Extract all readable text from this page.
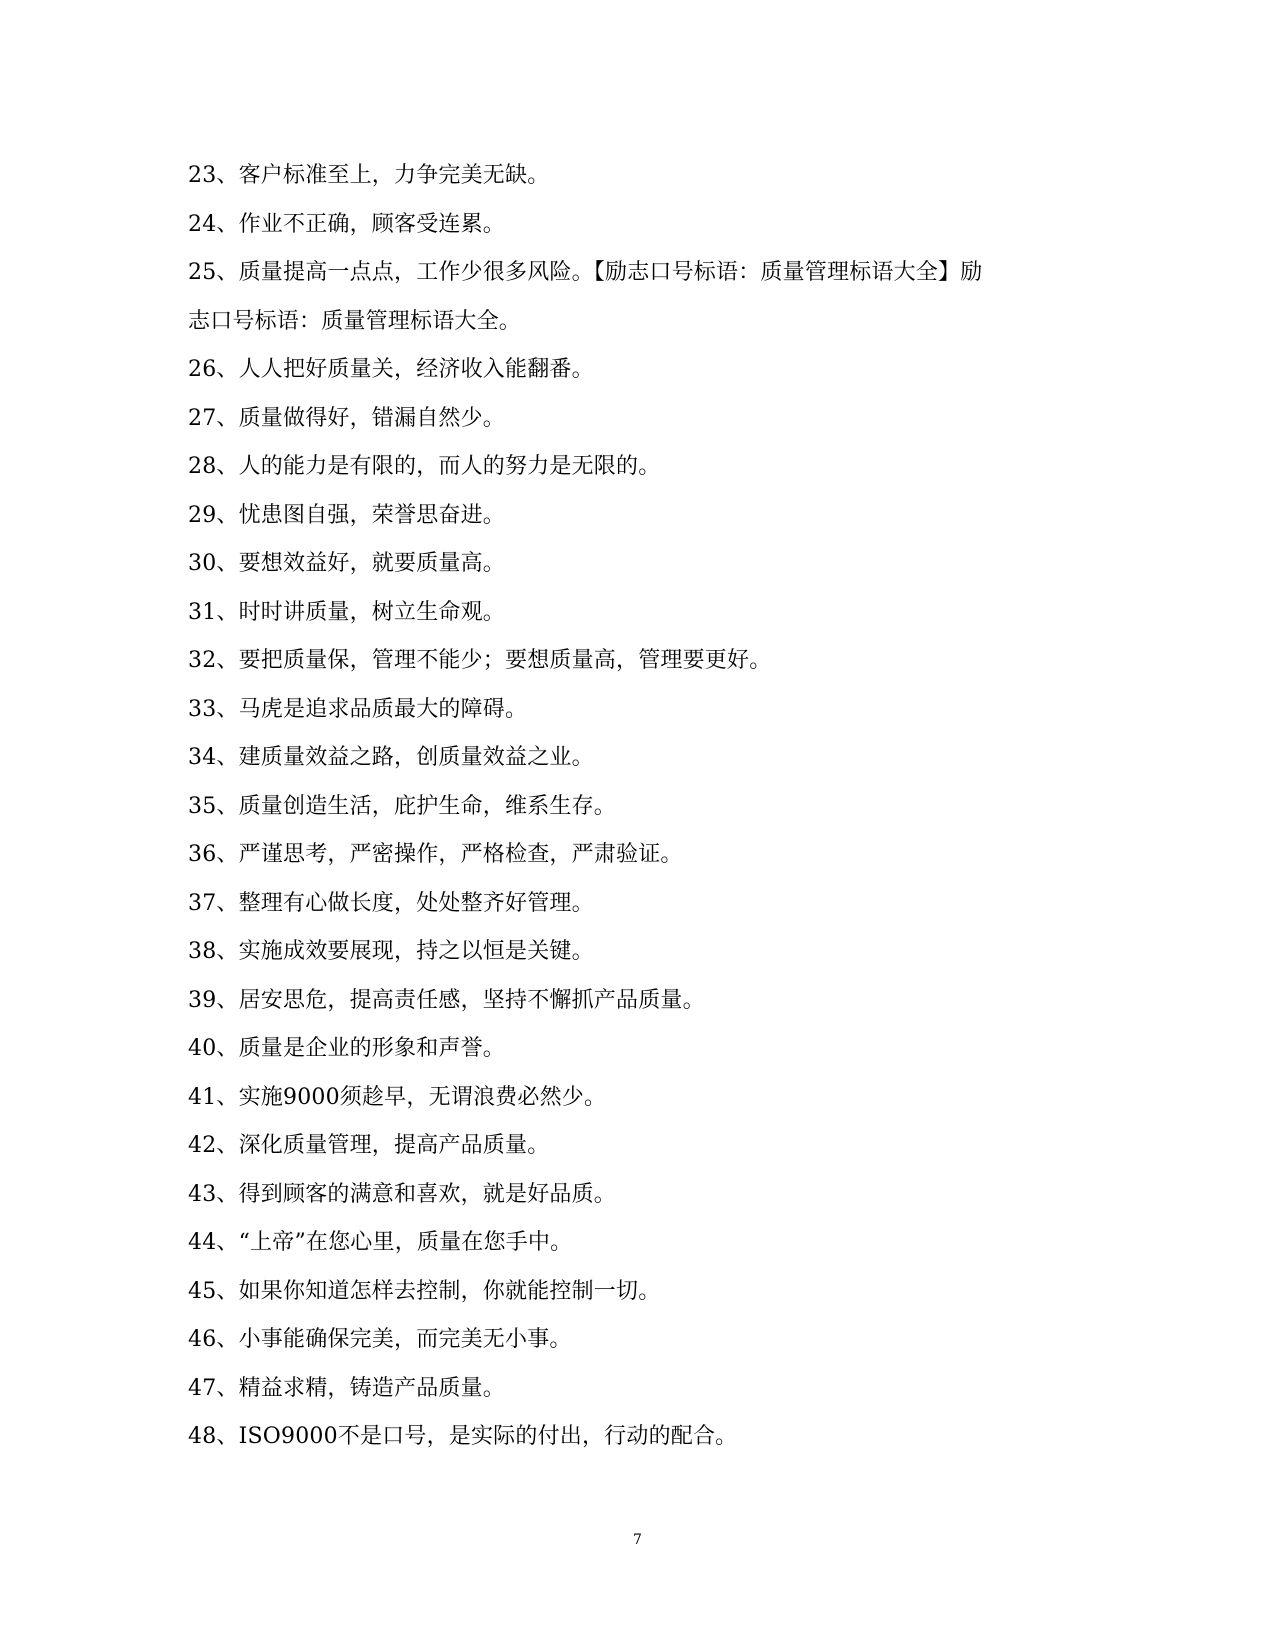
23、客户标准至上，力争完美无缺。
24、作业不正确，顾客受连累。
25、质量提高一点点，工作少很多风险。【励志口号标语：质量管理标语大全】励
志口号标语：质量管理标语大全。
26、人人把好质量关，经济收入能翻番。
27、质量做得好，错漏自然少。
28、人的能力是有限的，而人的努力是无限的。
29、忧患图自强，荣誉思奋进。
30、要想效益好，就要质量高。
31、时时讲质量，树立生命观。
32、要把质量保，管理不能少；要想质量高，管理要更好。
33、马虎是追求品质最大的障碍。
34、建质量效益之路，创质量效益之业。
35、质量创造生活，庇护生命，维系生存。
36、严谨思考，严密操作，严格检查，严肃验证。
37、整理有心做长度，处处整齐好管理。
38、实施成效要展现，持之以恒是关键。
39、居安思危，提高责任感，坚持不懈抓产品质量。
40、质量是企业的形象和声誉。
41、实施9000须趁早，无谓浪费必然少。
42、深化质量管理，提高产品质量。
43、得到顾客的满意和喜欢，就是好品质。
44、“上帝”在您心里，质量在您手中。
45、如果你知道怎样去控制，你就能控制一切。
46、小事能确保完美，而完美无小事。
47、精益求精，铸造产品质量。
48、ISO9000不是口号，是实际的付出，行动的配合。
7
